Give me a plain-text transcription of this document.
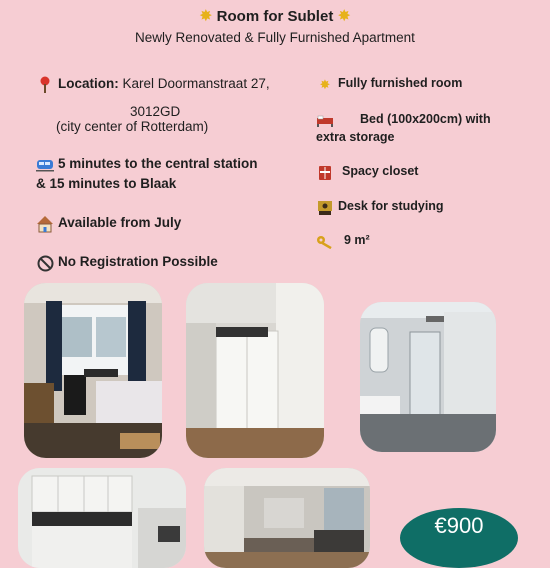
✸ Room for Sublet ✸
Newly Renovated & Fully Furnished Apartment
Location:
Karel Doormanstraat 27,
3012GD
(city center of Rotterdam)
5 minutes to the central station
& 15 minutes to Blaak
Available from July
No Registration Possible
✸ Fully furnished room
Bed (100x200cm) with
extra storage
Spacy closet
Desk for studying
9 m²
€900
